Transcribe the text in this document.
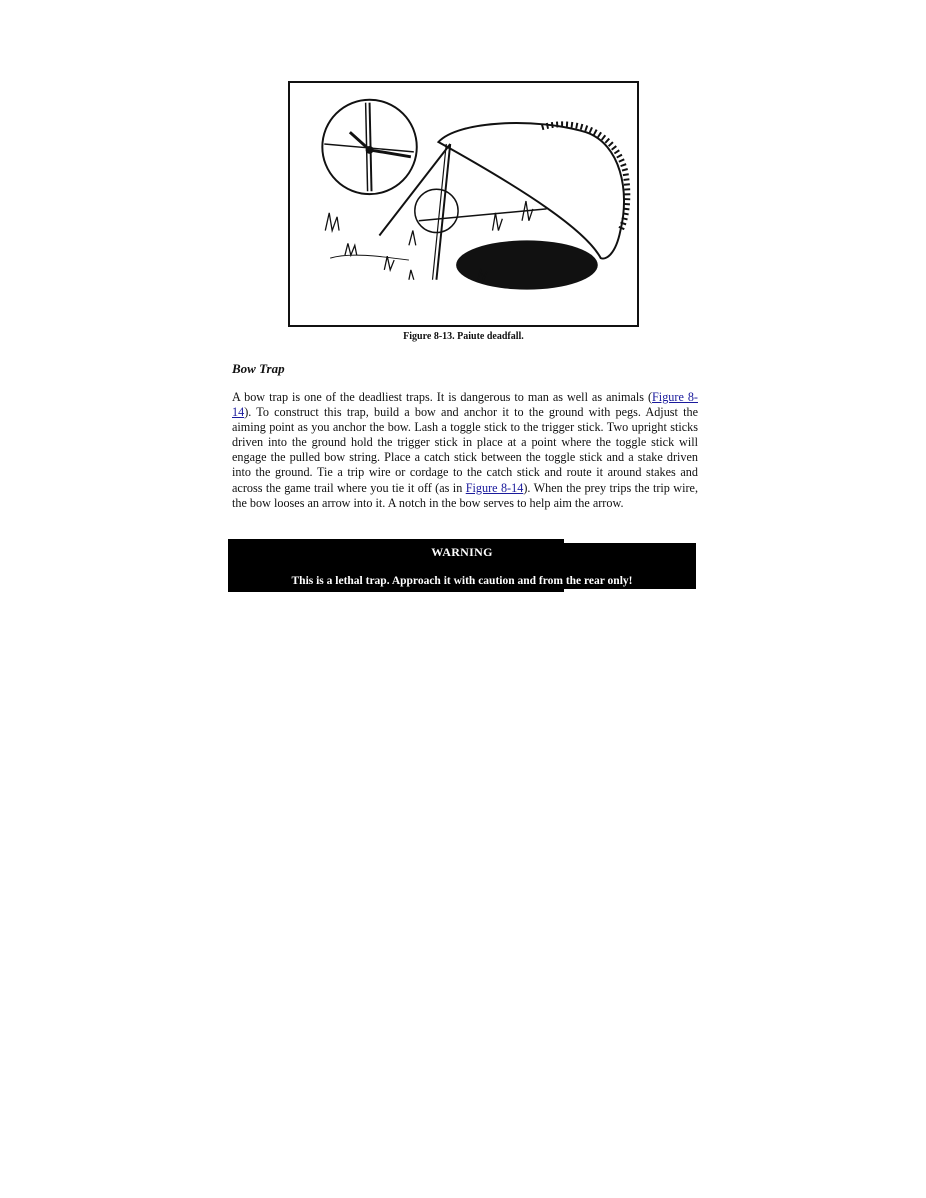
Figure 8-13. Paiute deadfall.
Bow Trap
A bow trap is one of the deadliest traps. It is dangerous to man as well as animals (Figure 8-14). To construct this trap, build a bow and anchor it to the ground with pegs. Adjust the aiming point as you anchor the bow. Lash a toggle stick to the trigger stick. Two upright sticks driven into the ground hold the trigger stick in place at a point where the toggle stick will engage the pulled bow string. Place a catch stick between the toggle stick and a stake driven into the ground. Tie a trip wire or cordage to the catch stick and route it around stakes and across the game trail where you tie it off (as in Figure 8-14). When the prey trips the trip wire, the bow looses an arrow into it. A notch in the bow serves to help aim the arrow.
WARNING
This is a lethal trap. Approach it with caution and from the rear only!
